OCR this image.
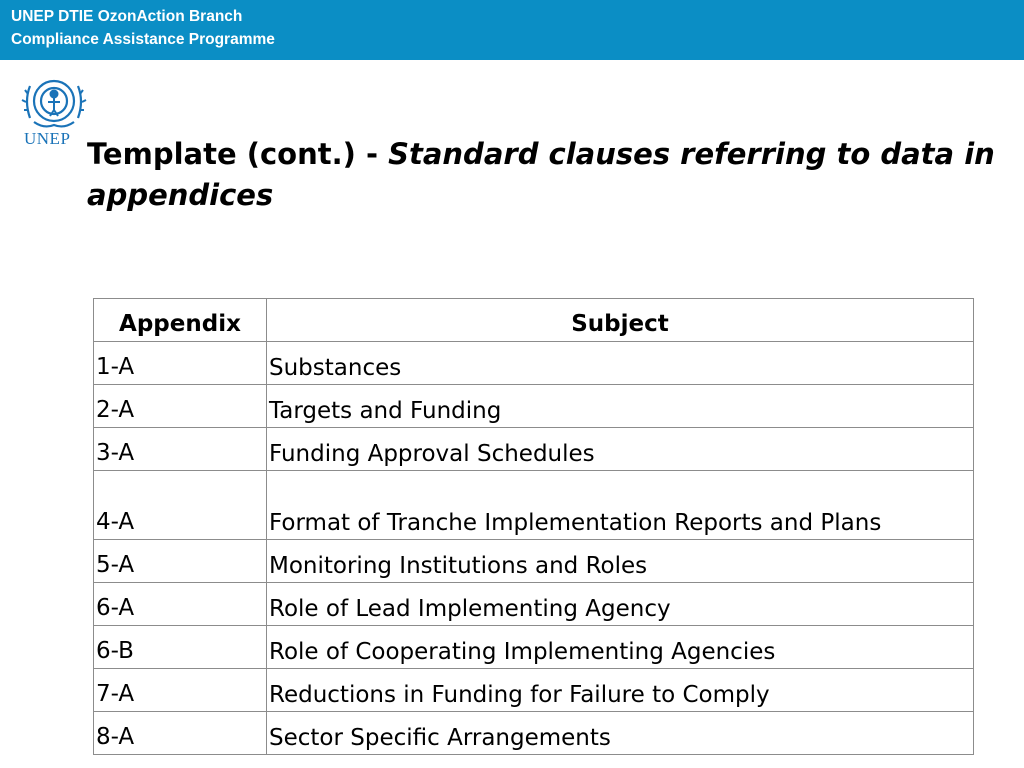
UNEP DTIE OzonAction Branch
Compliance Assistance Programme
UNEP Template (cont.) - Standard clauses referring to data in appendices
Appendix	Subject
1-A	Substances
2-A	Targets and Funding
3-A	Funding Approval Schedules
4-A	Format of Tranche Implementation Reports and Plans
5-A	Monitoring Institutions and Roles
6-A	Role of Lead Implementing Agency
6-B	Role of Cooperating Implementing Agencies
7-A	Reductions in Funding for Failure to Comply
8-A	Sector Specific Arrangements
